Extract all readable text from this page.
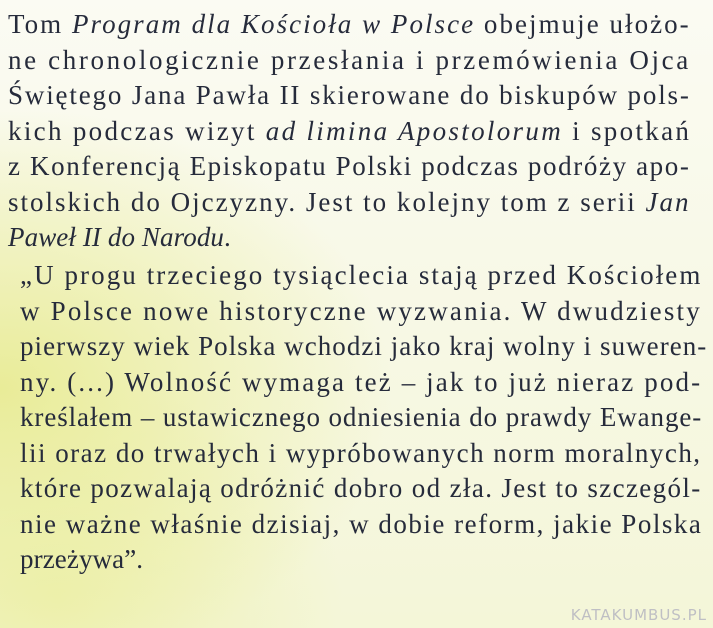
Tom Program dla Kościoła w Polsce obejmuje ułożo-
ne chronologicznie przesłania i przemówienia Ojca
Świętego Jana Pawła II skierowane do biskupów pols-
kich podczas wizyt ad limina Apostolorum i spotkań
z Konferencją Episkopatu Polski podczas podróży apo-
stolskich do Ojczyzny. Jest to kolejny tom z serii Jan
Paweł II do Narodu.
„U progu trzeciego tysiąclecia stają przed Kościołem
w Polsce nowe historyczne wyzwania. W dwudziesty
pierwszy wiek Polska wchodzi jako kraj wolny i suweren-
ny. (...) Wolność wymaga też – jak to już nieraz pod-
kreślałem – ustawicznego odniesienia do prawdy Ewange-
lii oraz do trwałych i wypróbowanych norm moralnych,
które pozwalają odróżnić dobro od zła. Jest to szczegól-
nie ważne właśnie dzisiaj, w dobie reform, jakie Polska
przeżywa”.
KATAKUMBUS.PL
